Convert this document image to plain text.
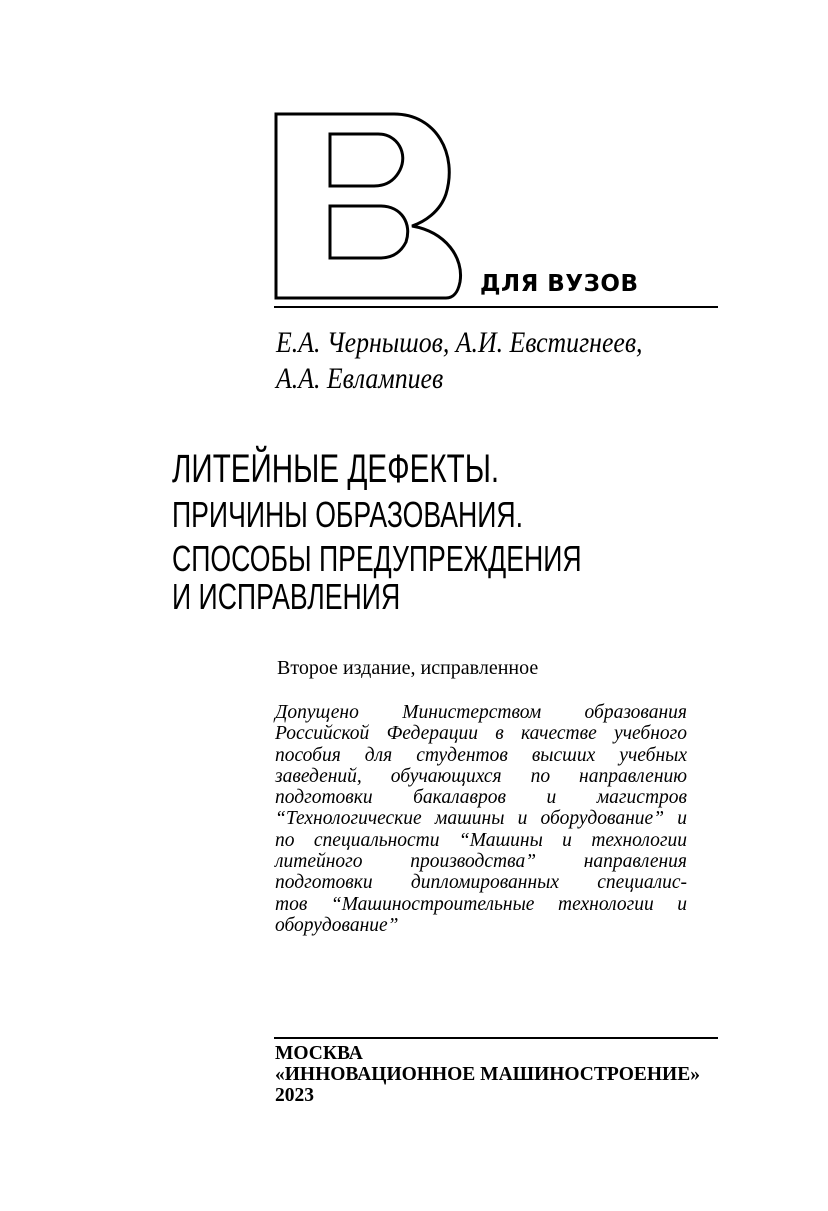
ДЛЯ ВУЗОВ
Е.А. Чернышов, А.И. Евстигнеев,
А.А. Евлампиев
ЛИТЕЙНЫЕ ДЕФЕКТЫ.
ПРИЧИНЫ ОБРАЗОВАНИЯ.
СПОСОБЫ ПРЕДУПРЕЖДЕНИЯ
И ИСПРАВЛЕНИЯ
Второе издание, исправленное
Допущено Министерством образования
Российской Федерации в качестве учебного
пособия для студентов высших учебных
заведений, обучающихся по направлению
подготовки бакалавров и магистров
“Технологические машины и оборудование” и
по специальности “Машины и технологии
литейного производства” направления
подготовки дипломированных специалис-
тов “Машиностроительные технологии и
оборудование”
МОСКВА
«ИННОВАЦИОННОЕ МАШИНОСТРОЕНИЕ»
2023
